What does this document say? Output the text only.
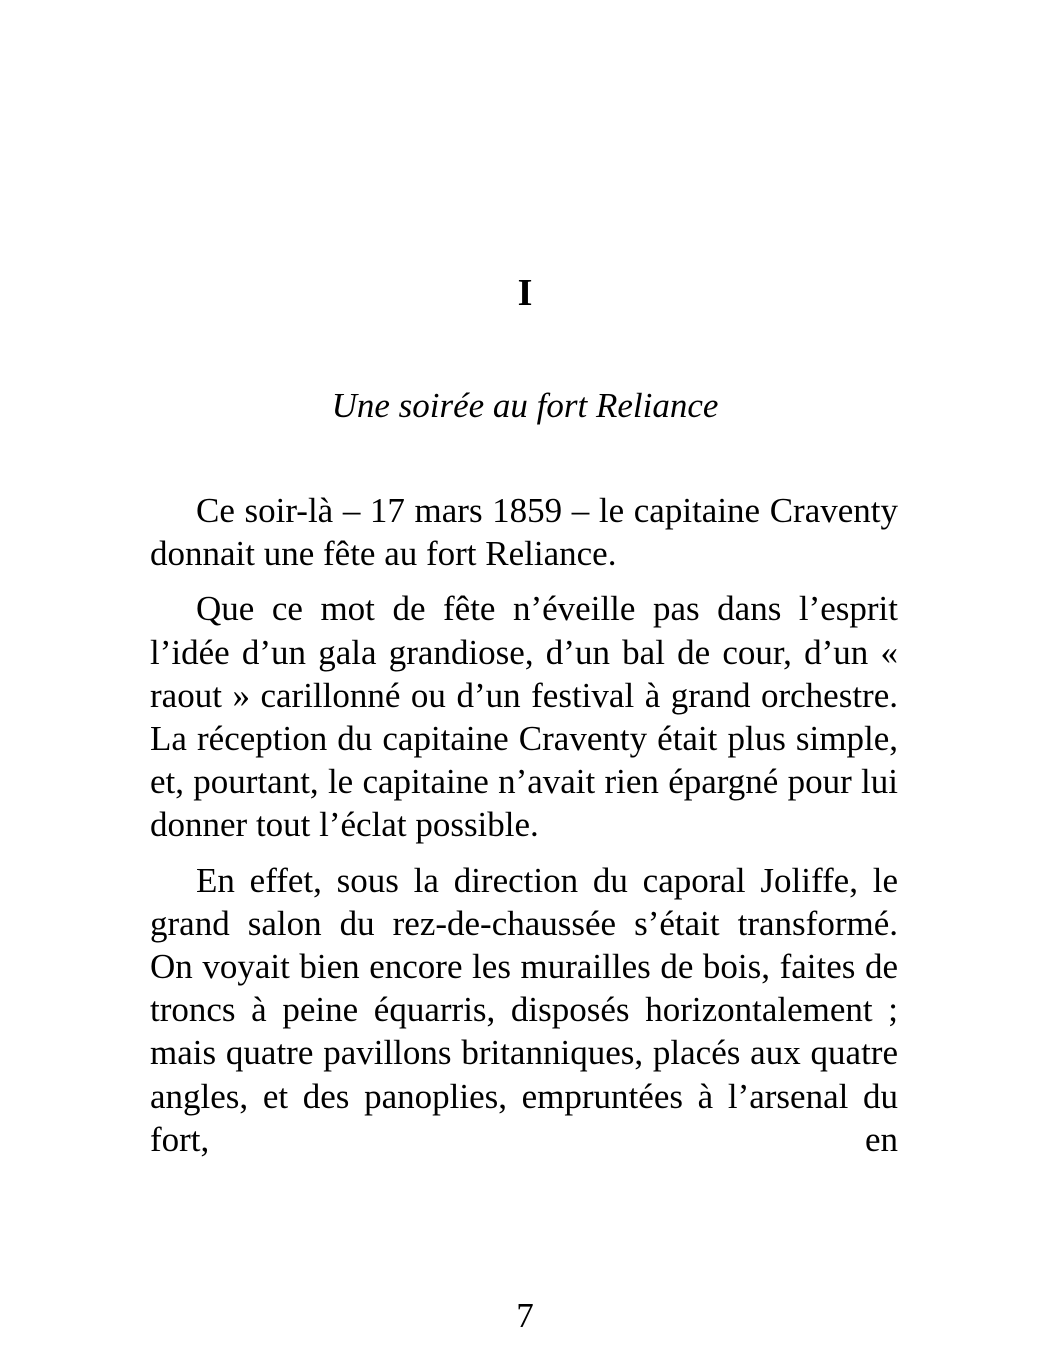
I
Une soirée au fort Reliance

Ce soir-là – 17 mars 1859 – le capitaine Craventy donnait une fête au fort Reliance.

Que ce mot de fête n’éveille pas dans l’esprit l’idée d’un gala grandiose, d’un bal de cour, d’un « raout » carillonné ou d’un festival à grand orchestre. La réception du capitaine Craventy était plus simple, et, pourtant, le capitaine n’avait rien épargné pour lui donner tout l’éclat possible.

En effet, sous la direction du caporal Joliffe, le grand salon du rez-de-chaussée s’était transformé. On voyait bien encore les murailles de bois, faites de troncs à peine équarris, disposés horizontalement ; mais quatre pavillons britanniques, placés aux quatre angles, et des panoplies, empruntées à l’arsenal du fort, en

7
